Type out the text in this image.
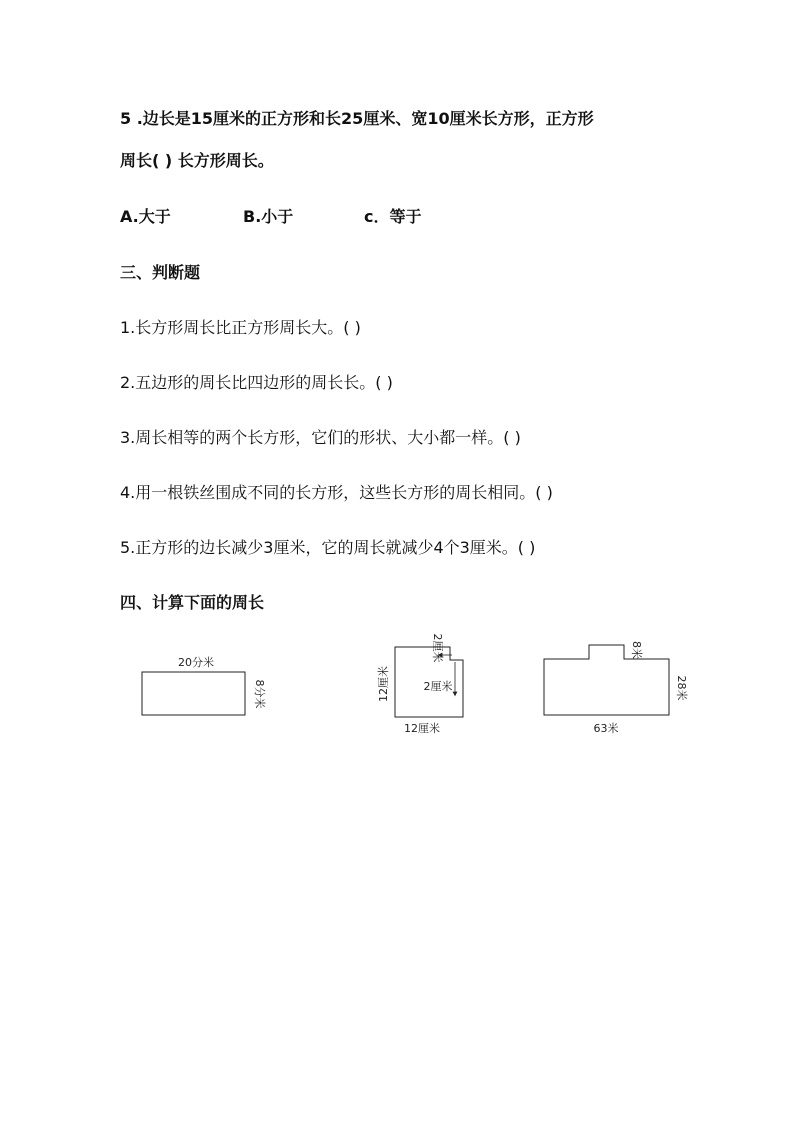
5 .边长是15厘米的正方形和长25厘米、宽10厘米长方形，正方形
周长( ) 长方形周长。
A.大于	B.小于	c．等于
三、判断题
1.长方形周长比正方形周长大。( )
2.五边形的周长比四边形的周长长。( )
3.周长相等的两个长方形，它们的形状、大小都一样。( )
4.用一根铁丝围成不同的长方形，这些长方形的周长相同。( )
5.正方形的边长减少3厘米，它的周长就减少4个3厘米。( )
四、计算下面的周长
20分米
8分米
2厘米
2厘米
12厘米
12厘米
8米
28米
63米
